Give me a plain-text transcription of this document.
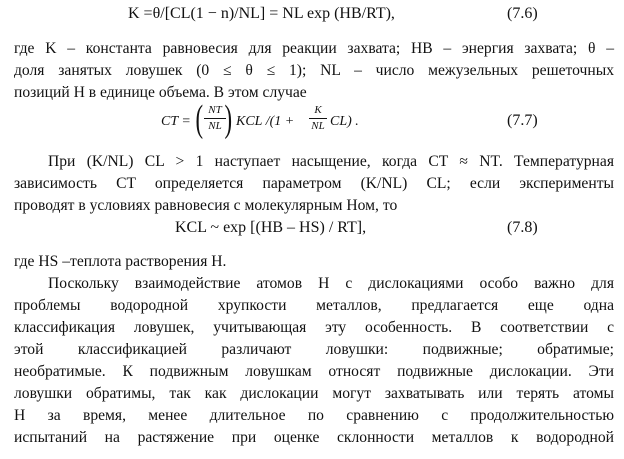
K =θ/[CL(1 − n)/NL] = NL exp (HB/RT),	(7.6)
где K – константа равновесия для реакции захвата; HB – энергия захвата; θ –
доля занятых ловушек (0 ≤ θ ≤ 1); NL – число межузельных решеточных
позиций Н в единице объема. В этом случае
CT = ( NT
NL ) KCL /(1 +
K
NL CL) .	(7.7)
При (K/NL) CL > 1 наступает насыщение, когда CT ≈ NT. Температурная
зависимость CT определяется параметром (K/NL) CL; если эксперименты
проводят в условиях равновесия с молекулярным Ном, то
KCL ~ exp [(HB – HS) / RT],	(7.8)
где HS –теплота растворения Н.
Поскольку взаимодействие атомов Н с дислокациями особо важно для
проблемы водородной хрупкости металлов, предлагается еще одна
классификация ловушек, учитывающая эту особенность. В соответствии с
этой классификацией различают ловушки: подвижные; обратимые;
необратимые. К подвижным ловушкам относят подвижные дислокации. Эти
ловушки обратимы, так как дислокации могут захватывать или терять атомы
Н за время, менее длительное по сравнению с продолжительностью
испытаний на растяжение при оценке склонности металлов к водородной
